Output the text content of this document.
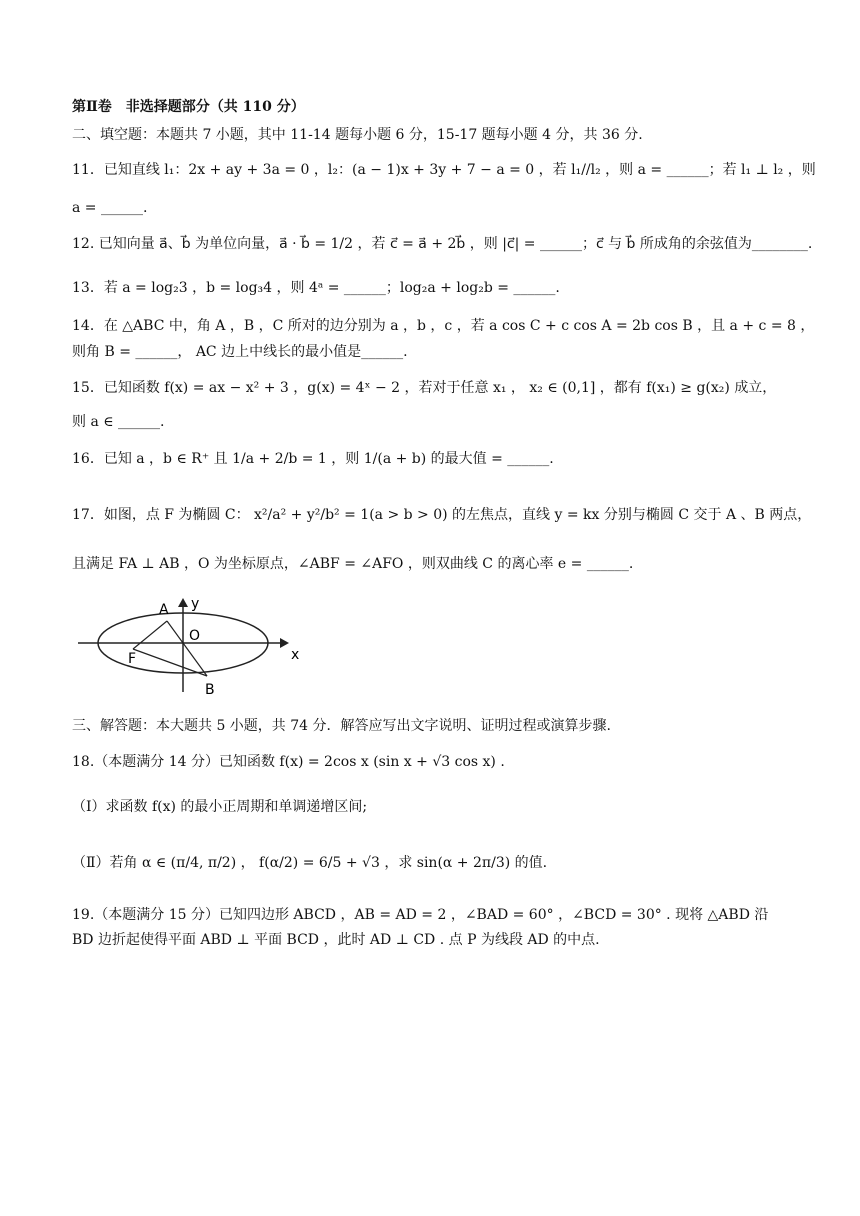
第Ⅱ卷　非选择题部分（共 110 分）
二、填空题：本题共 7 小题，其中 11-14 题每小题 6 分，15-17 题每小题 4 分，共 36 分.
11．已知直线 l₁：2x + ay + 3a = 0 ，l₂：(a − 1)x + 3y + 7 − a = 0 ，若 l₁//l₂ ，则 a = ______；若 l₁ ⊥ l₂ ，则
a = ______.
12. 已知向量 a⃗、b⃗ 为单位向量，a⃗ · b⃗ = 1/2 ，若 c⃗ = a⃗ + 2b⃗ ，则 |c⃗| = ______；c⃗ 与 b⃗ 所成角的余弦值为________.
13．若 a = log₂3 ，b = log₃4 ，则 4ᵃ = ______；log₂a + log₂b = ______.
14．在 △ABC 中，角 A ，B ，C 所对的边分别为 a ，b ，c ，若 a cos C + c cos A = 2b cos B ，且 a + c = 8 ，
则角 B = ______， AC 边上中线长的最小值是______.
15．已知函数 f(x) = ax − x² + 3 ，g(x) = 4ˣ − 2 ，若对于任意 x₁ ， x₂ ∈ (0,1] ，都有 f(x₁) ≥ g(x₂) 成立，
则 a ∈ ______.
16．已知 a ，b ∈ R⁺ 且 1/a + 2/b = 1 ，则 1/(a + b) 的最大值 = ______.
17．如图，点 F 为椭圆 C： x²/a² + y²/b² = 1(a > b > 0) 的左焦点，直线 y = kx 分别与椭圆 C 交于 A 、B 两点，
且满足 FA ⊥ AB ，O 为坐标原点，∠ABF = ∠AFO ，则双曲线 C 的离心率 e = ______.
A
B
F
O
x
y
三、解答题：本大题共 5 小题，共 74 分．解答应写出文字说明、证明过程或演算步骤.
18.（本题满分 14 分）已知函数 f(x) = 2cos x (sin x + √3 cos x) .
（Ⅰ）求函数 f(x) 的最小正周期和单调递增区间;
（Ⅱ）若角 α ∈ (π/4, π/2) ， f(α/2) = 6/5 + √3 ，求 sin(α + 2π/3) 的值.
19.（本题满分 15 分）已知四边形 ABCD ，AB = AD = 2 ，∠BAD = 60° ，∠BCD = 30° . 现将 △ABD 沿
BD 边折起使得平面 ABD ⊥ 平面 BCD ，此时 AD ⊥ CD . 点 P 为线段 AD 的中点.
